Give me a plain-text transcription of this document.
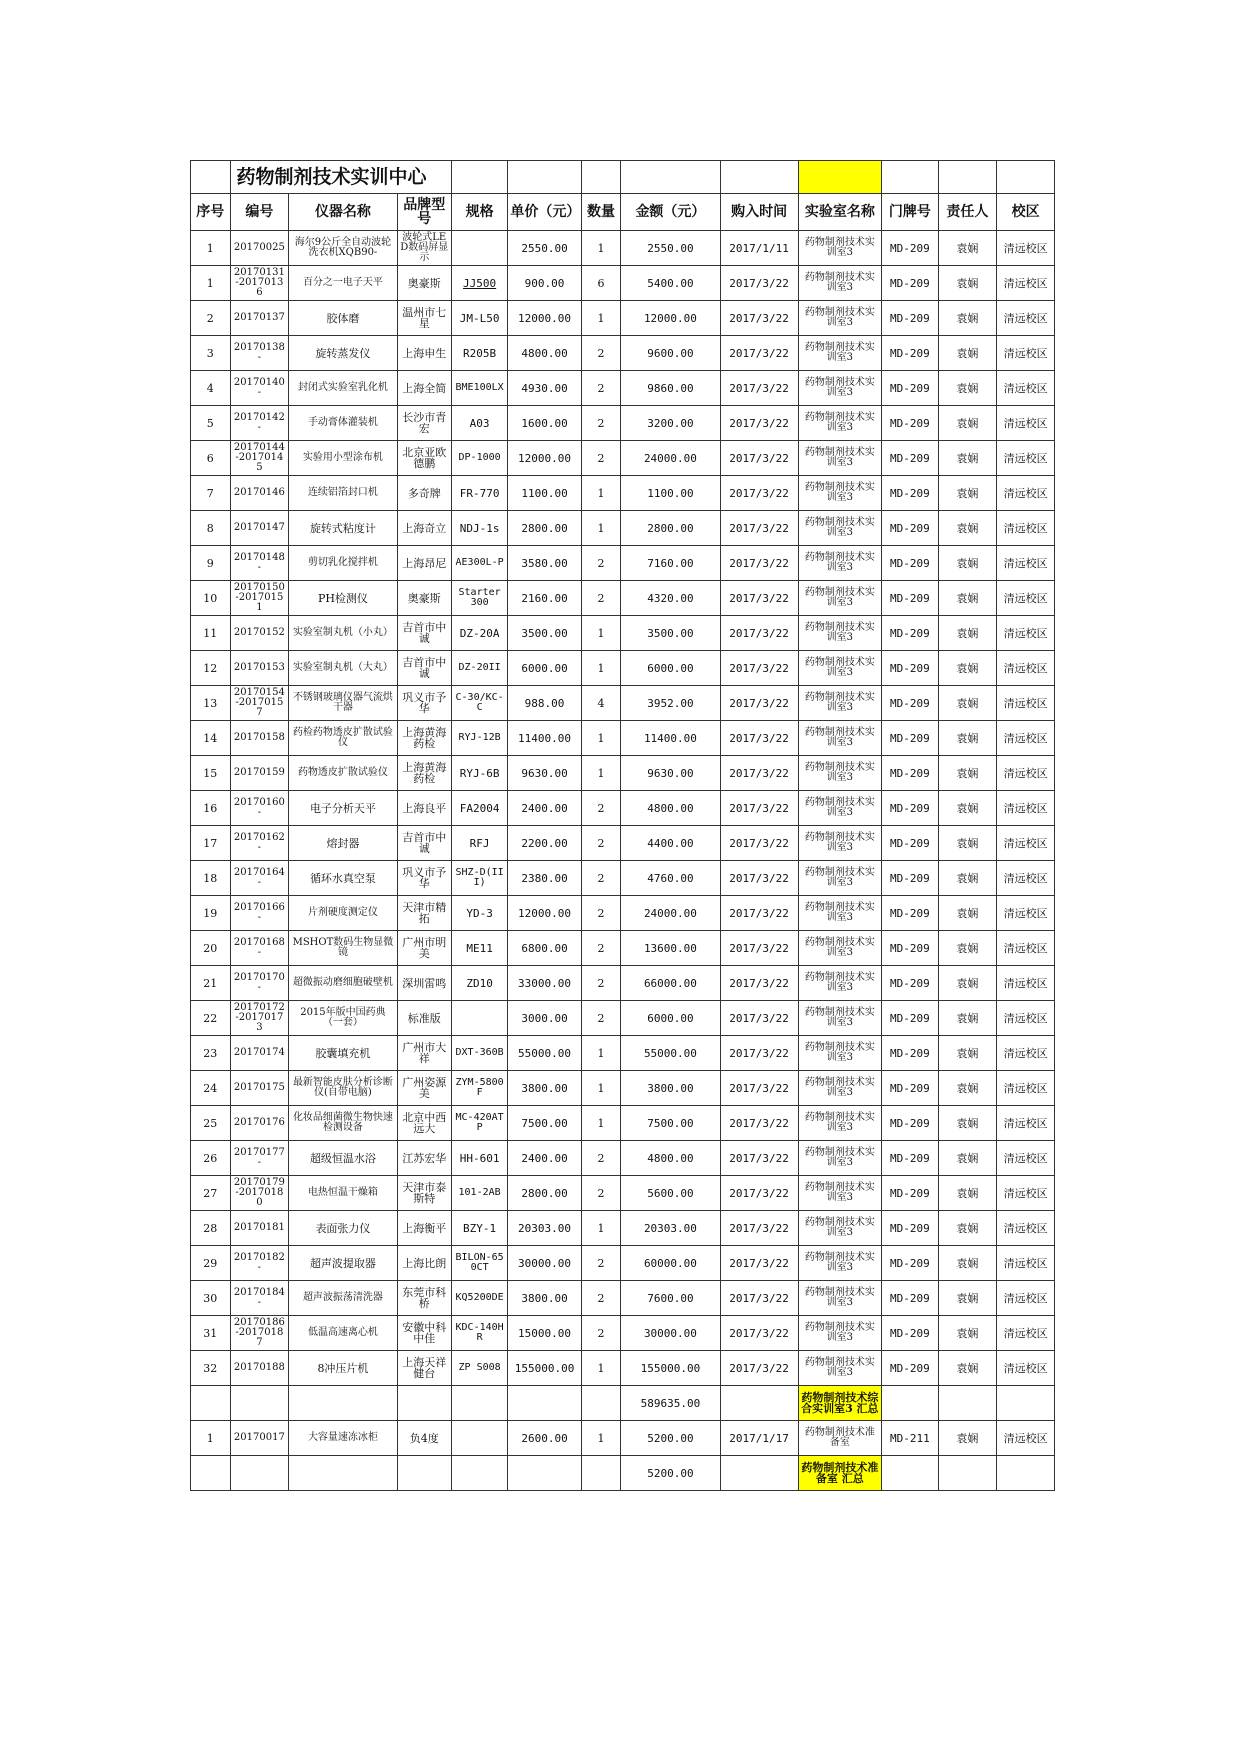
	药物制剂技术实训中心											
序号	编号	仪器名称	品牌型号	规格	单价（元）	数量	金额（元）	购入时间	实验室名称	门牌号	责任人	校区
1	20170025	海尔9公斤全自动波轮洗衣机XQB90-	波轮式LED数码屏显示		2550.00	1	2550.00	2017/1/11	药物制剂技术实训室3	MD-209	袁娴	清远校区
1	20170131-20170136	百分之一电子天平	奥豪斯	JJ500	900.00	6	5400.00	2017/3/22	药物制剂技术实训室3	MD-209	袁娴	清远校区
2	20170137	胶体磨	温州市七星	JM-L50	12000.00	1	12000.00	2017/3/22	药物制剂技术实训室3	MD-209	袁娴	清远校区
3	20170138-	旋转蒸发仪	上海申生	R205B	4800.00	2	9600.00	2017/3/22	药物制剂技术实训室3	MD-209	袁娴	清远校区
4	20170140-	封闭式实验室乳化机	上海全简	BME100LX	4930.00	2	9860.00	2017/3/22	药物制剂技术实训室3	MD-209	袁娴	清远校区
5	20170142-	手动膏体灌装机	长沙市青宏	A03	1600.00	2	3200.00	2017/3/22	药物制剂技术实训室3	MD-209	袁娴	清远校区
6	20170144-20170145	实验用小型涂布机	北京亚欧德鹏	DP-1000	12000.00	2	24000.00	2017/3/22	药物制剂技术实训室3	MD-209	袁娴	清远校区
7	20170146	连续铝箔封口机	多奇牌	FR-770	1100.00	1	1100.00	2017/3/22	药物制剂技术实训室3	MD-209	袁娴	清远校区
8	20170147	旋转式粘度计	上海奇立	NDJ-1s	2800.00	1	2800.00	2017/3/22	药物制剂技术实训室3	MD-209	袁娴	清远校区
9	20170148-	剪切乳化搅拌机	上海昂尼	AE300L-P	3580.00	2	7160.00	2017/3/22	药物制剂技术实训室3	MD-209	袁娴	清远校区
10	20170150-20170151	PH检测仪	奥豪斯	Starter 300	2160.00	2	4320.00	2017/3/22	药物制剂技术实训室3	MD-209	袁娴	清远校区
11	20170152	实验室制丸机（小丸）	吉首市中诚	DZ-20A	3500.00	1	3500.00	2017/3/22	药物制剂技术实训室3	MD-209	袁娴	清远校区
12	20170153	实验室制丸机（大丸）	吉首市中诚	DZ-20II	6000.00	1	6000.00	2017/3/22	药物制剂技术实训室3	MD-209	袁娴	清远校区
13	20170154-20170157	不锈钢玻璃仪器气流烘干器	巩义市予华	C-30/KC-C	988.00	4	3952.00	2017/3/22	药物制剂技术实训室3	MD-209	袁娴	清远校区
14	20170158	药检药物透皮扩散试验仪	上海黄海药检	RYJ-12B	11400.00	1	11400.00	2017/3/22	药物制剂技术实训室3	MD-209	袁娴	清远校区
15	20170159	药物透皮扩散试验仪	上海黄海药检	RYJ-6B	9630.00	1	9630.00	2017/3/22	药物制剂技术实训室3	MD-209	袁娴	清远校区
16	20170160-	电子分析天平	上海良平	FA2004	2400.00	2	4800.00	2017/3/22	药物制剂技术实训室3	MD-209	袁娴	清远校区
17	20170162-	熔封器	吉首市中诚	RFJ	2200.00	2	4400.00	2017/3/22	药物制剂技术实训室3	MD-209	袁娴	清远校区
18	20170164-	循环水真空泵	巩义市予华	SHZ-D(III)	2380.00	2	4760.00	2017/3/22	药物制剂技术实训室3	MD-209	袁娴	清远校区
19	20170166-	片剂硬度测定仪	天津市精拓	YD-3	12000.00	2	24000.00	2017/3/22	药物制剂技术实训室3	MD-209	袁娴	清远校区
20	20170168-	MSHOT数码生物显微镜	广州市明美	ME11	6800.00	2	13600.00	2017/3/22	药物制剂技术实训室3	MD-209	袁娴	清远校区
21	20170170-	超微振动磨细胞破壁机	深圳雷鸣	ZD10	33000.00	2	66000.00	2017/3/22	药物制剂技术实训室3	MD-209	袁娴	清远校区
22	20170172-20170173	2015年版中国药典（一套）	标准版		3000.00	2	6000.00	2017/3/22	药物制剂技术实训室3	MD-209	袁娴	清远校区
23	20170174	胶囊填充机	广州市大祥	DXT-360B	55000.00	1	55000.00	2017/3/22	药物制剂技术实训室3	MD-209	袁娴	清远校区
24	20170175	最新智能皮肤分析诊断仪(自带电脑)	广州姿源美	ZYM-5800F	3800.00	1	3800.00	2017/3/22	药物制剂技术实训室3	MD-209	袁娴	清远校区
25	20170176	化妆品细菌微生物快速检测设备	北京中西远大	MC-420ATP	7500.00	1	7500.00	2017/3/22	药物制剂技术实训室3	MD-209	袁娴	清远校区
26	20170177-	超级恒温水浴	江苏宏华	HH-601	2400.00	2	4800.00	2017/3/22	药物制剂技术实训室3	MD-209	袁娴	清远校区
27	20170179-20170180	电热恒温干燥箱	天津市泰斯特	101-2AB	2800.00	2	5600.00	2017/3/22	药物制剂技术实训室3	MD-209	袁娴	清远校区
28	20170181	表面张力仪	上海衡平	BZY-1	20303.00	1	20303.00	2017/3/22	药物制剂技术实训室3	MD-209	袁娴	清远校区
29	20170182-	超声波提取器	上海比朗	BILON-650CT	30000.00	2	60000.00	2017/3/22	药物制剂技术实训室3	MD-209	袁娴	清远校区
30	20170184-	超声波振荡清洗器	东莞市科桥	KQ5200DE	3800.00	2	7600.00	2017/3/22	药物制剂技术实训室3	MD-209	袁娴	清远校区
31	20170186-20170187	低温高速离心机	安徽中科中佳	KDC-140HR	15000.00	2	30000.00	2017/3/22	药物制剂技术实训室3	MD-209	袁娴	清远校区
32	20170188	8冲压片机	上海天祥健台	ZP S008	155000.00	1	155000.00	2017/3/22	药物制剂技术实训室3	MD-209	袁娴	清远校区
							589635.00		药物制剂技术综合实训室3 汇总			
1	20170017	大容量速冻冰柜	负4度		2600.00	1	5200.00	2017/1/17	药物制剂技术准备室	MD-211	袁娴	清远校区
							5200.00		药物制剂技术准备室 汇总			
